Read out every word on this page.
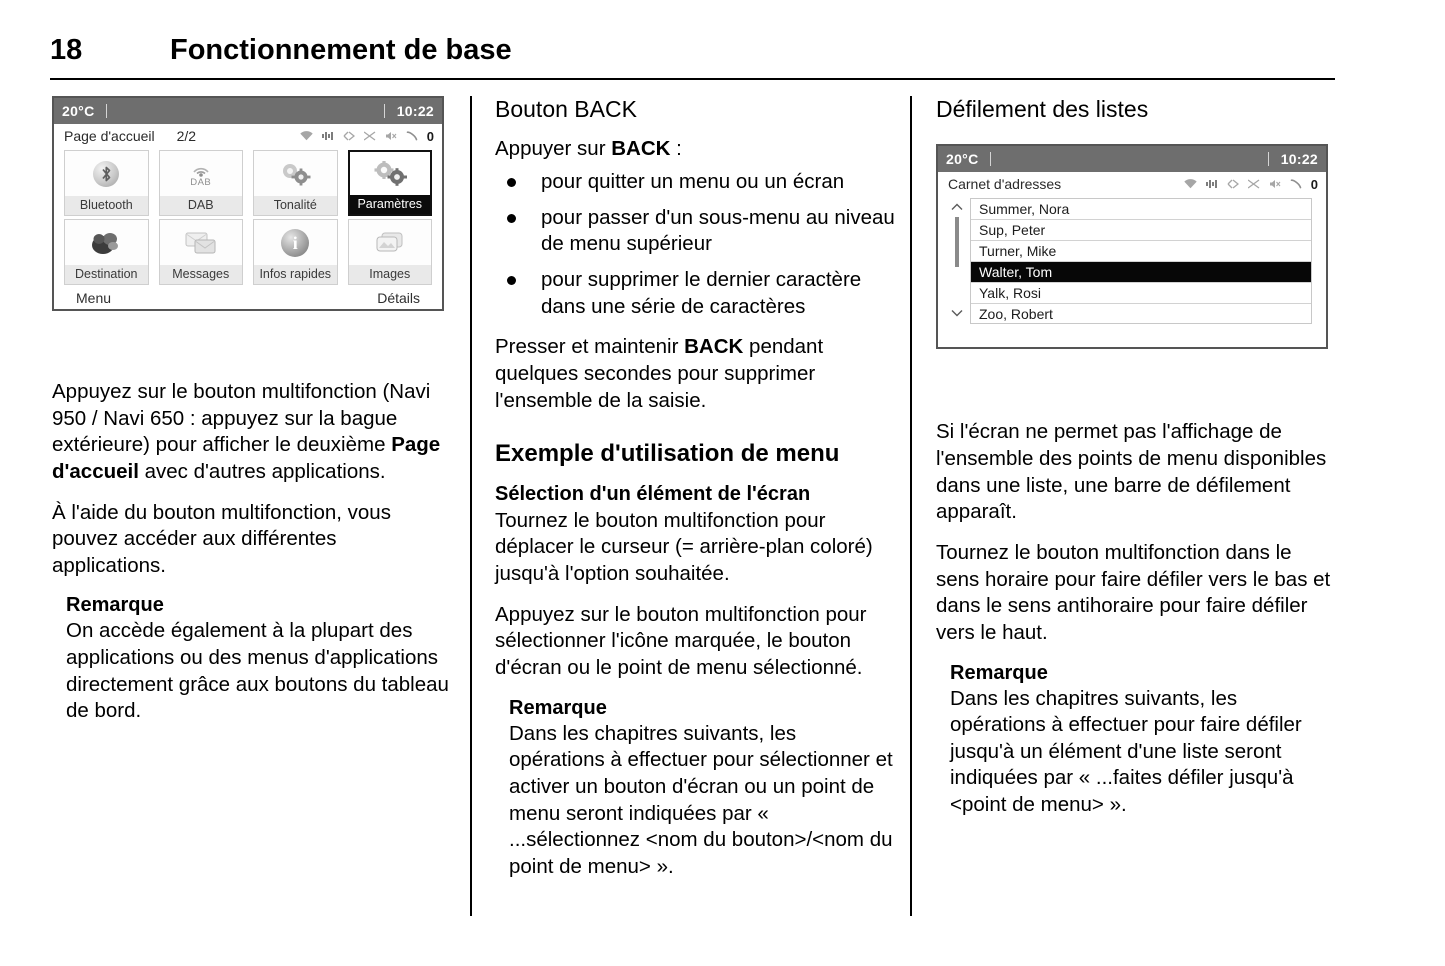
18	Fonctionnement de base
20°C	10:22
Page d'accueil 2/2	0
Bluetooth
DAB
DAB	Tonalité	Paramètres
Destination	Messages
i
Infos rapides	Images
Menu	Détails

Appuyez sur le bouton multifonction (Navi 950 / Navi 650 : appuyez sur la bague extérieure) pour afficher le deuxième Page d'accueil avec d'autres applications.

À l'aide du bouton multifonction, vous pouvez accéder aux différentes applications.

Remarque
On accède également à la plupart des applications ou des menus d'applications directement grâce aux boutons du tableau de bord.
Bouton BACK

Appuyer sur BACK :

pour quitter un menu ou un écran
pour passer d'un sous-menu au niveau de menu supérieur
pour supprimer le dernier caractère dans une série de caractères

Presser et maintenir BACK pendant quelques secondes pour supprimer l'ensemble de la saisie.

Exemple d'utilisation de menu
Sélection d'un élément de l'écran

Tournez le bouton multifonction pour déplacer le curseur (= arrière-plan coloré) jusqu'à l'option souhaitée.

Appuyez sur le bouton multifonction pour sélectionner l'icône marquée, le bouton d'écran ou le point de menu sélectionné.

Remarque
Dans les chapitres suivants, les opérations à effectuer pour sélectionner et activer un bouton d'écran ou un point de menu seront indiquées par « ...sélectionnez <nom du bouton>/<nom du point de menu> ».
Défilement des listes
20°C	10:22
Carnet d'adresses	0
Summer, Nora
Sup, Peter
Turner, Mike
Walter, Tom
Yalk, Rosi
Zoo, Robert

Si l'écran ne permet pas l'affichage de l'ensemble des points de menu disponibles dans une liste, une barre de défilement apparaît.

Tournez le bouton multifonction dans le sens horaire pour faire défiler vers le bas et dans le sens antihoraire pour faire défiler vers le haut.

Remarque
Dans les chapitres suivants, les opérations à effectuer pour faire défiler jusqu'à un élément d'une liste seront indiquées par « ...faites défiler jusqu'à <point de menu> ».
